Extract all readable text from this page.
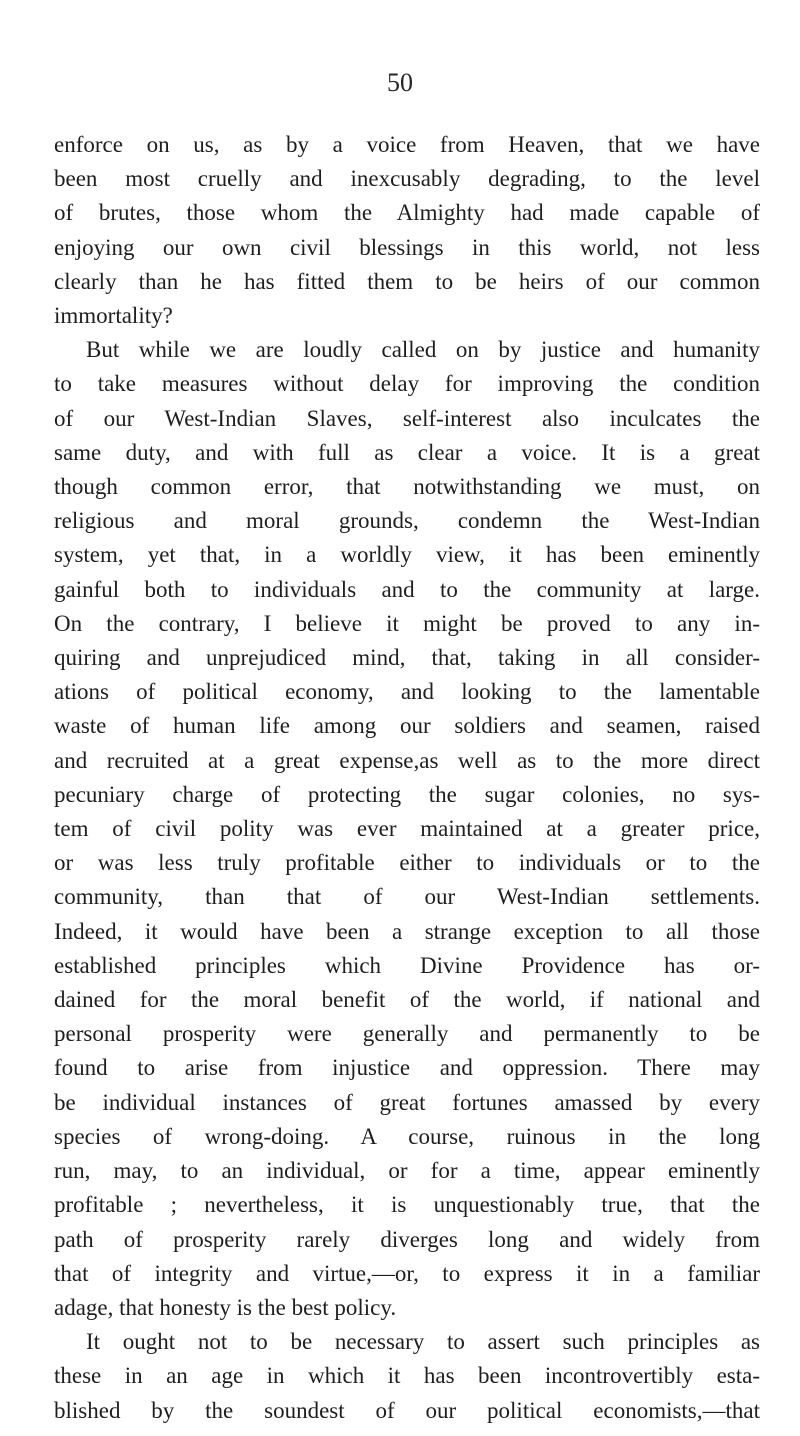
50
enforce on us, as by a voice from Heaven, that we have
been most cruelly and inexcusably degrading, to the level
of brutes, those whom the Almighty had made capable of
enjoying our own civil blessings in this world, not less
clearly than he has fitted them to be heirs of our common
immortality?
But while we are loudly called on by justice and humanity
to take measures without delay for improving the condition
of our West-Indian Slaves, self-interest also inculcates the
same duty, and with full as clear a voice. It is a great
though common error, that notwithstanding we must, on
religious and moral grounds, condemn the West-Indian
system, yet that, in a worldly view, it has been eminently
gainful both to individuals and to the community at large.
On the contrary, I believe it might be proved to any in-
quiring and unprejudiced mind, that, taking in all consider-
ations of political economy, and looking to the lamentable
waste of human life among our soldiers and seamen, raised
and recruited at a great expense,as well as to the more direct
pecuniary charge of protecting the sugar colonies, no sys-
tem of civil polity was ever maintained at a greater price,
or was less truly profitable either to individuals or to the
community, than that of our West-Indian settlements.
Indeed, it would have been a strange exception to all those
established principles which Divine Providence has or-
dained for the moral benefit of the world, if national and
personal prosperity were generally and permanently to be
found to arise from injustice and oppression. There may
be individual instances of great fortunes amassed by every
species of wrong-doing. A course, ruinous in the long
run, may, to an individual, or for a time, appear eminently
profitable ; nevertheless, it is unquestionably true, that the
path of prosperity rarely diverges long and widely from
that of integrity and virtue,—or, to express it in a familiar
adage, that honesty is the best policy.
It ought not to be necessary to assert such principles as
these in an age in which it has been incontrovertibly esta-
blished by the soundest of our political economists,—that
